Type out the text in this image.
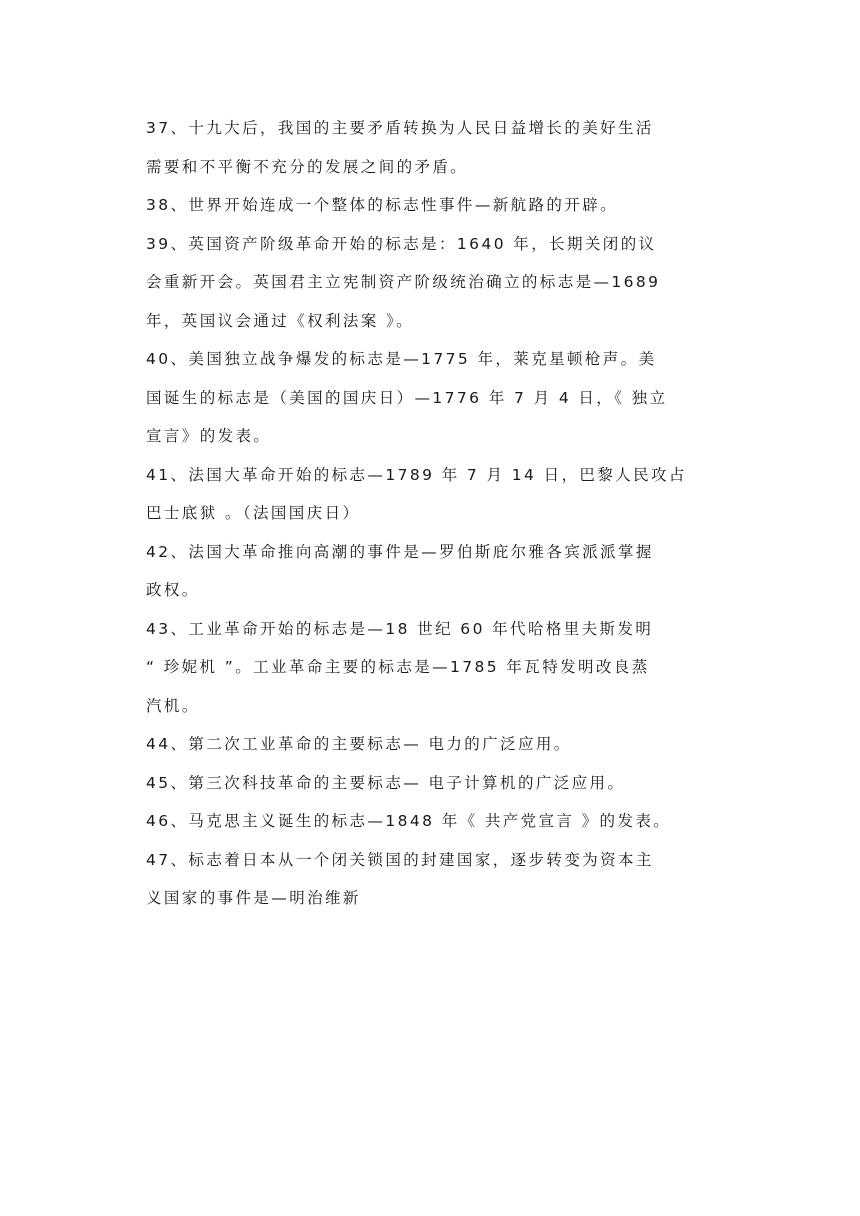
37、十九大后，我国的主要矛盾转换为人民日益增长的美好生活
需要和不平衡不充分的发展之间的矛盾。
38、世界开始连成一个整体的标志性事件—新航路的开辟。
39、英国资产阶级革命开始的标志是：1640 年，长期关闭的议
会重新开会。英国君主立宪制资产阶级统治确立的标志是—1689
年，英国议会通过《权利法案 》。
40、美国独立战争爆发的标志是—1775 年，莱克星顿枪声。美
国诞生的标志是（美国的国庆日）—1776 年 7 月 4 日，《 独立
宣言》的发表。
41、法国大革命开始的标志—1789 年 7 月 14 日，巴黎人民攻占
巴士底狱 。（法国国庆日）
42、法国大革命推向高潮的事件是—罗伯斯庇尔雅各宾派派掌握
政权。
43、工业革命开始的标志是—18 世纪 60 年代哈格里夫斯发明
“ 珍妮机 ”。工业革命主要的标志是—1785 年瓦特发明改良蒸
汽机。
44、第二次工业革命的主要标志— 电力的广泛应用。
45、第三次科技革命的主要标志— 电子计算机的广泛应用。
46、马克思主义诞生的标志—1848 年《 共产党宣言 》的发表。
47、标志着日本从一个闭关锁国的封建国家，逐步转变为资本主
义国家的事件是—明治维新
